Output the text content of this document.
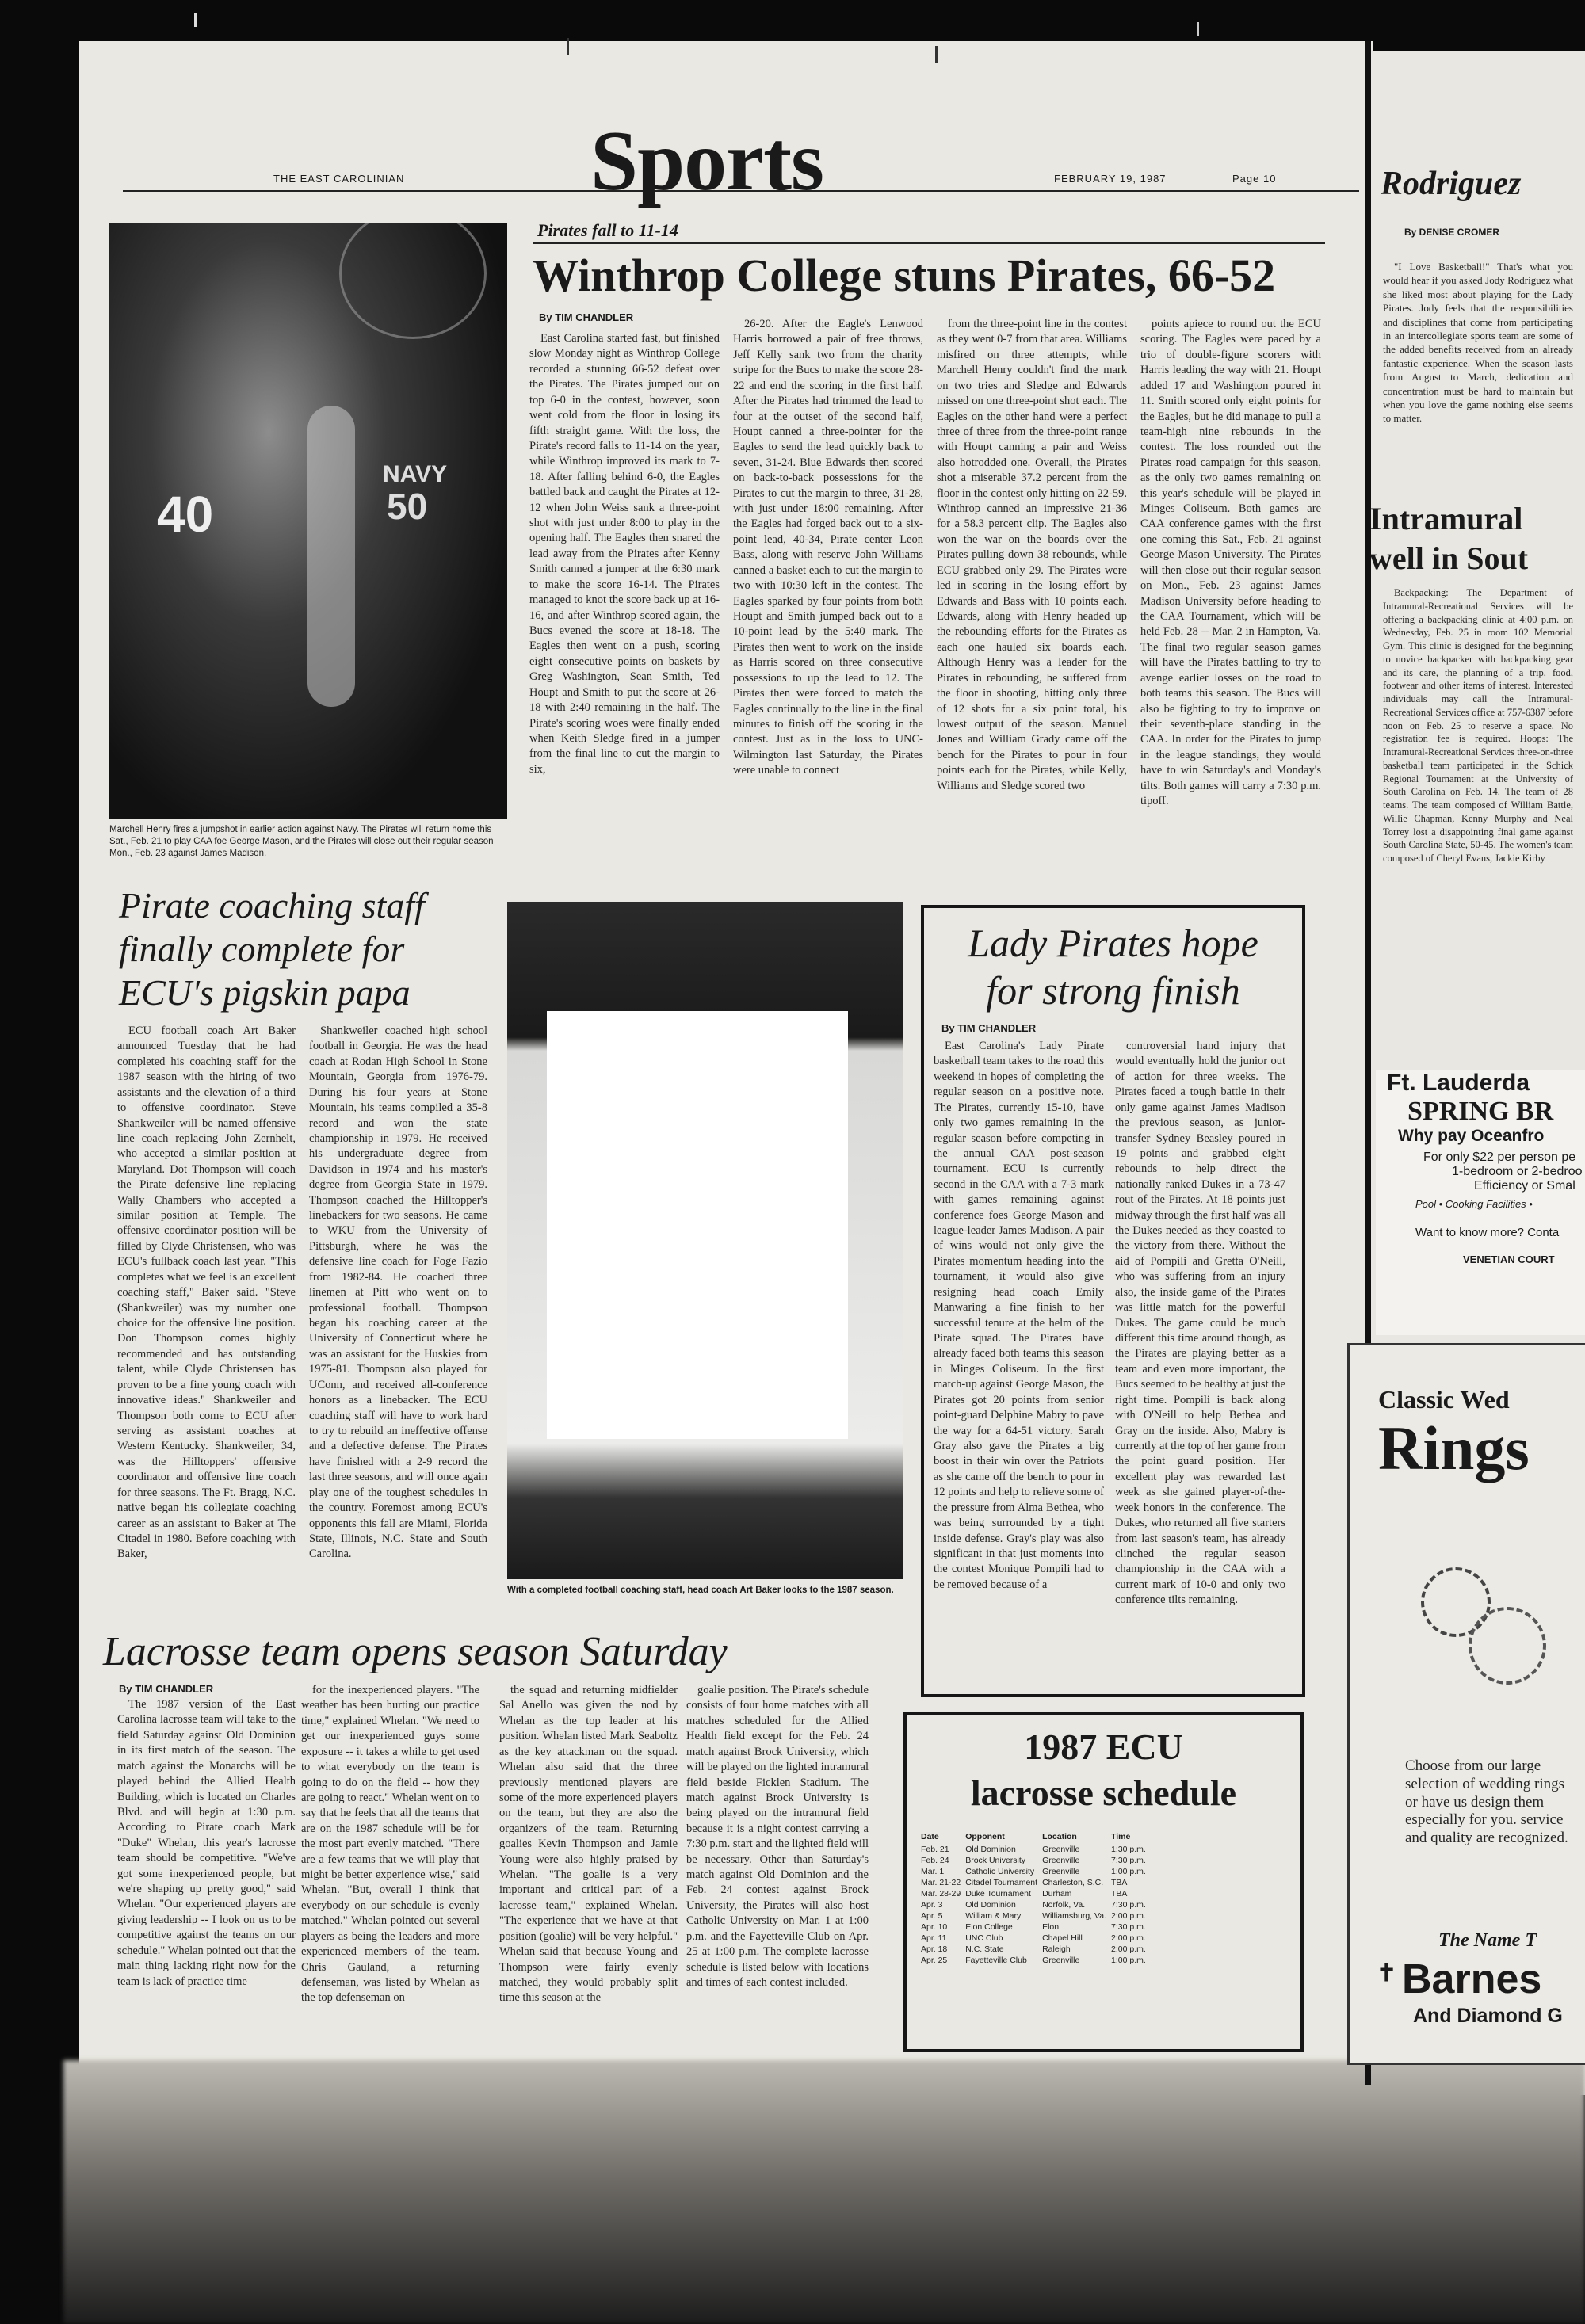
THE EAST CAROLINIAN Sports	FEBRUARY 19, 1987	Page 10
40
NAVY
50
Marchell Henry fires a jumpshot in earlier action against Navy. The Pirates will return home this Sat., Feb. 21 to play CAA foe George Mason, and the Pirates will close out their regular season Mon., Feb. 23 against James Madison.
Pirates fall to 11-14
Winthrop College stuns Pirates, 66-52
By TIM CHANDLER

East Carolina started fast, but finished slow Monday night as Winthrop College recorded a stunning 66-52 defeat over the Pirates. The Pirates jumped out on top 6-0 in the contest, however, soon went cold from the floor in losing its fifth straight game. With the loss, the Pirate's record falls to 11-14 on the year, while Winthrop improved its mark to 7-18. After falling behind 6-0, the Eagles battled back and caught the Pirates at 12-12 when John Weiss sank a three-point shot with just under 8:00 to play in the opening half. The Eagles then snared the lead away from the Pirates after Kenny Smith canned a jumper at the 6:30 mark to make the score 16-14. The Pirates managed to knot the score back up at 16-16, and after Winthrop scored again, the Bucs evened the score at 18-18. The Eagles then went on a push, scoring eight consecutive points on baskets by Greg Washington, Sean Smith, Ted Houpt and Smith to put the score at 26-18 with 2:40 remaining in the half. The Pirate's scoring woes were finally ended when Keith Sledge fired in a jumper from the final line to cut the margin to six,

26-20. After the Eagle's Lenwood Harris borrowed a pair of free throws, Jeff Kelly sank two from the charity stripe for the Bucs to make the score 28-22 and end the scoring in the first half. After the Pirates had trimmed the lead to four at the outset of the second half, Houpt canned a three-pointer for the Eagles to send the lead quickly back to seven, 31-24. Blue Edwards then scored on back-to-back possessions for the Pirates to cut the margin to three, 31-28, with just under 18:00 remaining. After the Eagles had forged back out to a six-point lead, 40-34, Pirate center Leon Bass, along with reserve John Williams canned a basket each to cut the margin to two with 10:30 left in the contest. The Eagles sparked by four points from both Houpt and Smith jumped back out to a 10-point lead by the 5:40 mark. The Pirates then went to work on the inside as Harris scored on three consecutive possessions to up the lead to 12. The Pirates then were forced to match the Eagles continually to the line in the final minutes to finish off the scoring in the contest. Just as in the loss to UNC-Wilmington last Saturday, the Pirates were unable to connect

from the three-point line in the contest as they went 0-7 from that area. Williams misfired on three attempts, while Marchell Henry couldn't find the mark on two tries and Sledge and Edwards missed on one three-point shot each. The Eagles on the other hand were a perfect three of three from the three-point range with Houpt canning a pair and Weiss also hotrodded one. Overall, the Pirates shot a miserable 37.2 percent from the floor in the contest only hitting on 22-59. Winthrop canned an impressive 21-36 for a 58.3 percent clip. The Eagles also won the war on the boards over the Pirates pulling down 38 rebounds, while ECU grabbed only 29. The Pirates were led in scoring in the losing effort by Edwards and Bass with 10 points each. Edwards, along with Henry headed up the rebounding efforts for the Pirates as each one hauled six boards each. Although Henry was a leader for the Pirates in rebounding, he suffered from the floor in shooting, hitting only three of 12 shots for a six point total, his lowest output of the season. Manuel Jones and William Grady came off the bench for the Pirates to pour in four points each for the Pirates, while Kelly, Williams and Sledge scored two

points apiece to round out the ECU scoring. The Eagles were paced by a trio of double-figure scorers with Harris leading the way with 21. Houpt added 17 and Washington poured in 11. Smith scored only eight points for the Eagles, but he did manage to pull a team-high nine rebounds in the contest. The loss rounded out the Pirates road campaign for this season, as the only two games remaining on this year's schedule will be played in Minges Coliseum. Both games are CAA conference games with the first one coming this Sat., Feb. 21 against George Mason University. The Pirates will then close out their regular season on Mon., Feb. 23 against James Madison University before heading to the CAA Tournament, which will be held Feb. 28 -- Mar. 2 in Hampton, Va. The final two regular season games will have the Pirates battling to try to avenge earlier losses on the road to both teams this season. The Bucs will also be fighting to try to improve on their seventh-place standing in the CAA. In order for the Pirates to jump in the league standings, they would have to win Saturday's and Monday's tilts. Both games will carry a 7:30 p.m. tipoff.

Pirate coaching staff
finally complete for
ECU's pigskin papa

ECU football coach Art Baker announced Tuesday that he had completed his coaching staff for the 1987 season with the hiring of two assistants and the elevation of a third to offensive coordinator. Steve Shankweiler will be named offensive line coach replacing John Zernhelt, who accepted a similar position at Maryland. Dot Thompson will coach the Pirate defensive line replacing Wally Chambers who accepted a similar position at Temple. The offensive coordinator position will be filled by Clyde Christensen, who was ECU's fullback coach last year. "This completes what we feel is an excellent coaching staff," Baker said. "Steve (Shankweiler) was my number one choice for the offensive line position. Don Thompson comes highly recommended and has outstanding talent, while Clyde Christensen has proven to be a fine young coach with innovative ideas." Shankweiler and Thompson both come to ECU after serving as assistant coaches at Western Kentucky. Shankweiler, 34, was the Hilltoppers' offensive coordinator and offensive line coach for three seasons. The Ft. Bragg, N.C. native began his collegiate coaching career as an assistant to Baker at The Citadel in 1980. Before coaching with Baker,

Shankweiler coached high school football in Georgia. He was the head coach at Rodan High School in Stone Mountain, Georgia from 1976-79. During his four years at Stone Mountain, his teams compiled a 35-8 record and won the state championship in 1979. He received his undergraduate degree from Davidson in 1974 and his master's degree from Georgia State in 1979. Thompson coached the Hilltopper's linebackers for two seasons. He came to WKU from the University of Pittsburgh, where he was the defensive line coach for Foge Fazio from 1982-84. He coached three linemen at Pitt who went on to professional football. Thompson began his coaching career at the University of Connecticut where he was an assistant for the Huskies from 1975-81. Thompson also played for UConn, and received all-conference honors as a linebacker. The ECU coaching staff will have to work hard to try to rebuild an ineffective offense and a defective defense. The Pirates have finished with a 2-9 record the last three seasons, and will once again play one of the toughest schedules in the country. Foremost among ECU's opponents this fall are Miami, Florida State, Illinois, N.C. State and South Carolina.

With a completed football coaching staff, head coach Art Baker looks to the 1987 season.
Lady Pirates hope
for strong finish
By TIM CHANDLER

East Carolina's Lady Pirate basketball team takes to the road this weekend in hopes of completing the regular season on a positive note. The Pirates, currently 15-10, have only two games remaining in the regular season before competing in the annual CAA post-season tournament. ECU is currently second in the CAA with a 7-3 mark with games remaining against conference foes George Mason and league-leader James Madison. A pair of wins would not only give the Pirates momentum heading into the tournament, it would also give resigning head coach Emily Manwaring a fine finish to her successful tenure at the helm of the Pirate squad. The Pirates have already faced both teams this season in Minges Coliseum. In the first match-up against George Mason, the Pirates got 20 points from senior point-guard Delphine Mabry to pave the way for a 64-51 victory. Sarah Gray also gave the Pirates a big boost in their win over the Patriots as she came off the bench to pour in 12 points and help to relieve some of the pressure from Alma Bethea, who was being surrounded by a tight inside defense. Gray's play was also significant in that just moments into the contest Monique Pompili had to be removed because of a

controversial hand injury that would eventually hold the junior out of action for three weeks. The Pirates faced a tough battle in their only game against James Madison the previous season, as junior-transfer Sydney Beasley poured in 19 points and grabbed eight rebounds to help direct the nationally ranked Dukes in a 73-47 rout of the Pirates. At 18 points just midway through the first half was all the Dukes needed as they coasted to the victory from there. Without the aid of Pompili and Gretta O'Neill, who was suffering from an injury also, the inside game of the Pirates was little match for the powerful Dukes. The game could be much different this time around though, as the Pirates are playing better as a team and even more important, the Bucs seemed to be healthy at just the right time. Pompili is back along with O'Neill to help Bethea and Gray on the inside. Also, Mabry is currently at the top of her game from the point guard position. Her excellent play was rewarded last week as she gained player-of-the-week honors in the conference. The Dukes, who returned all five starters from last season's team, has already clinched the regular season championship in the CAA with a current mark of 10-0 and only two conference tilts remaining.

Lacrosse team opens season Saturday
By TIM CHANDLER

The 1987 version of the East Carolina lacrosse team will take to the field Saturday against Old Dominion in its first match of the season. The match against the Monarchs will be played behind the Allied Health Building, which is located on Charles Blvd. and will begin at 1:30 p.m. According to Pirate coach Mark "Duke" Whelan, this year's lacrosse team should be competitive. "We've got some inexperienced people, but we're shaping up pretty good," said Whelan. "Our experienced players are giving leadership -- I look on us to be competitive against the teams on our schedule." Whelan pointed out that the main thing lacking right now for the team is lack of practice time

for the inexperienced players. "The weather has been hurting our practice time," explained Whelan. "We need to get our inexperienced guys some exposure -- it takes a while to get used to what everybody on the team is going to do on the field -- how they are going to react." Whelan went on to say that he feels that all the teams that are on the 1987 schedule will be for the most part evenly matched. "There are a few teams that we will play that might be better experience wise," said Whelan. "But, overall I think that everybody on our schedule is evenly matched." Whelan pointed out several players as being the leaders and more experienced members of the team. Chris Gauland, a returning defenseman, was listed by Whelan as the top defenseman on

the squad and returning midfielder Sal Anello was given the nod by Whelan as the top leader at his position. Whelan listed Mark Seaboltz as the key attackman on the squad. Whelan also said that the three previously mentioned players are some of the more experienced players on the team, but they are also the organizers of the team. Returning goalies Kevin Thompson and Jamie Young were also highly praised by Whelan. "The goalie is a very important and critical part of a lacrosse team," explained Whelan. "The experience that we have at that position (goalie) will be very helpful." Whelan said that because Young and Thompson were fairly evenly matched, they would probably split time this season at the

goalie position. The Pirate's schedule consists of four home matches with all matches scheduled for the Allied Health field except for the Feb. 24 match against Brock University, which will be played on the lighted intramural field beside Ficklen Stadium. The match against Brock University is being played on the intramural field because it is a night contest carrying a 7:30 p.m. start and the lighted field will be necessary. Other than Saturday's match against Old Dominion and the Feb. 24 contest against Brock University, the Pirates will also host Catholic University on Mar. 1 at 1:00 p.m. and the Fayetteville Club on Apr. 25 at 1:00 p.m. The complete lacrosse schedule is listed below with locations and times of each contest included.

1987 ECU
lacrosse schedule
Date	Opponent	Location	Time
Feb. 21	Old Dominion	Greenville	1:30 p.m.
Feb. 24	Brock University	Greenville	7:30 p.m.
Mar. 1	Catholic University	Greenville	1:00 p.m.
Mar. 21-22	Citadel Tournament	Charleston, S.C.	TBA
Mar. 28-29	Duke Tournament	Durham	TBA
Apr. 3	Old Dominion	Norfolk, Va.	7:30 p.m.
Apr. 5	William & Mary	Williamsburg, Va.	2:00 p.m.
Apr. 10	Elon College	Elon	7:30 p.m.
Apr. 11	UNC Club	Chapel Hill	2:00 p.m.
Apr. 18	N.C. State	Raleigh	2:00 p.m.
Apr. 25	Fayetteville Club	Greenville	1:00 p.m.
Rodriguez
By DENISE CROMER

"I Love Basketball!" That's what you would hear if you asked Jody Rodriguez what she liked most about playing for the Lady Pirates. Jody feels that the responsibilities and disciplines that come from participating in an intercollegiate sports team are some of the added benefits received from an already fantastic experience. When the season lasts from August to March, dedication and concentration must be hard to maintain but when you love the game nothing else seems to matter.

Intramural
well in Sout

Backpacking: The Department of Intramural-Recreational Services will be offering a backpacking clinic at 4:00 p.m. on Wednesday, Feb. 25 in room 102 Memorial Gym. This clinic is designed for the beginning to novice backpacker with backpacking gear and its care, the planning of a trip, food, footwear and other items of interest. Interested individuals may call the Intramural-Recreational Services office at 757-6387 before noon on Feb. 25 to reserve a space. No registration fee is required. Hoops: The Intramural-Recreational Services three-on-three basketball team participated in the Schick Regional Tournament at the University of South Carolina on Feb. 14. The team of 28 teams. The team composed of William Battle, Willie Chapman, Kenny Murphy and Neal Torrey lost a disappointing final game against South Carolina State, 50-45. The women's team composed of Cheryl Evans, Jackie Kirby

Ft. Lauderda
SPRING BR
Why pay Oceanfro
For only $22 per person pe
1-bedroom or 2-bedroo
Efficiency or Smal
Pool • Cooking Facilities •
Want to know more? Conta
VENETIAN COURT
Classic Wed
Rings

Choose from our large selection of wedding rings or have us design them especially for you. service and quality are recognized.

The Name T
✝ Barnes
And Diamond G
